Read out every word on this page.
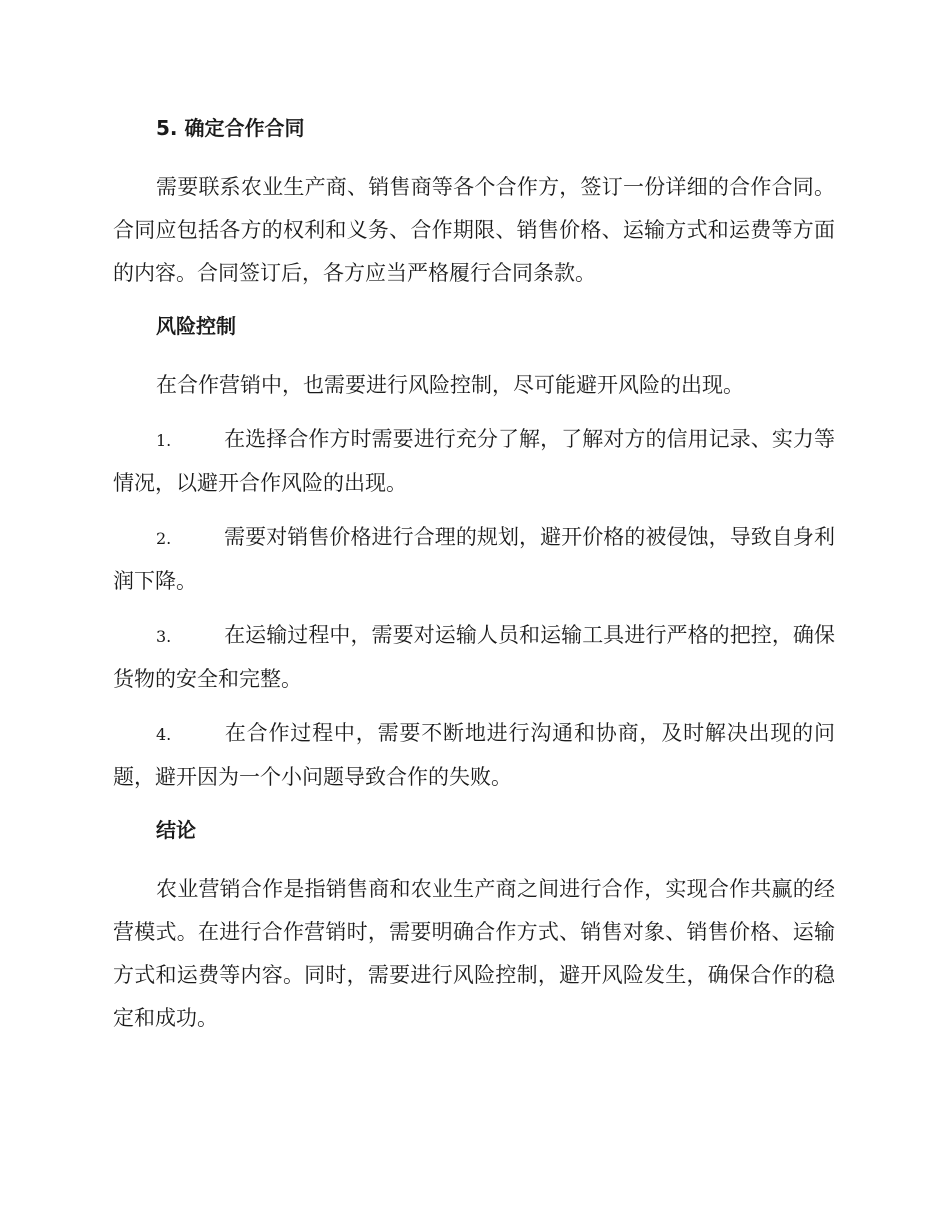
5. 确定合作合同

需要联系农业生产商、销售商等各个合作方，签订一份详细的合作合同。合同应包括各方的权利和义务、合作期限、销售价格、运输方式和运费等方面的内容。合同签订后，各方应当严格履行合同条款。

风险控制

在合作营销中，也需要进行风险控制，尽可能避开风险的出现。

1.	在选择合作方时需要进行充分了解，了解对方的信用记录、实力等情况，以避开合作风险的出现。

2.	需要对销售价格进行合理的规划，避开价格的被侵蚀，导致自身利润下降。

3.	在运输过程中，需要对运输人员和运输工具进行严格的把控，确保货物的安全和完整。

4.	在合作过程中，需要不断地进行沟通和协商，及时解决出现的问题，避开因为一个小问题导致合作的失败。

结论

农业营销合作是指销售商和农业生产商之间进行合作，实现合作共赢的经营模式。在进行合作营销时，需要明确合作方式、销售对象、销售价格、运输方式和运费等内容。同时，需要进行风险控制，避开风险发生，确保合作的稳定和成功。
